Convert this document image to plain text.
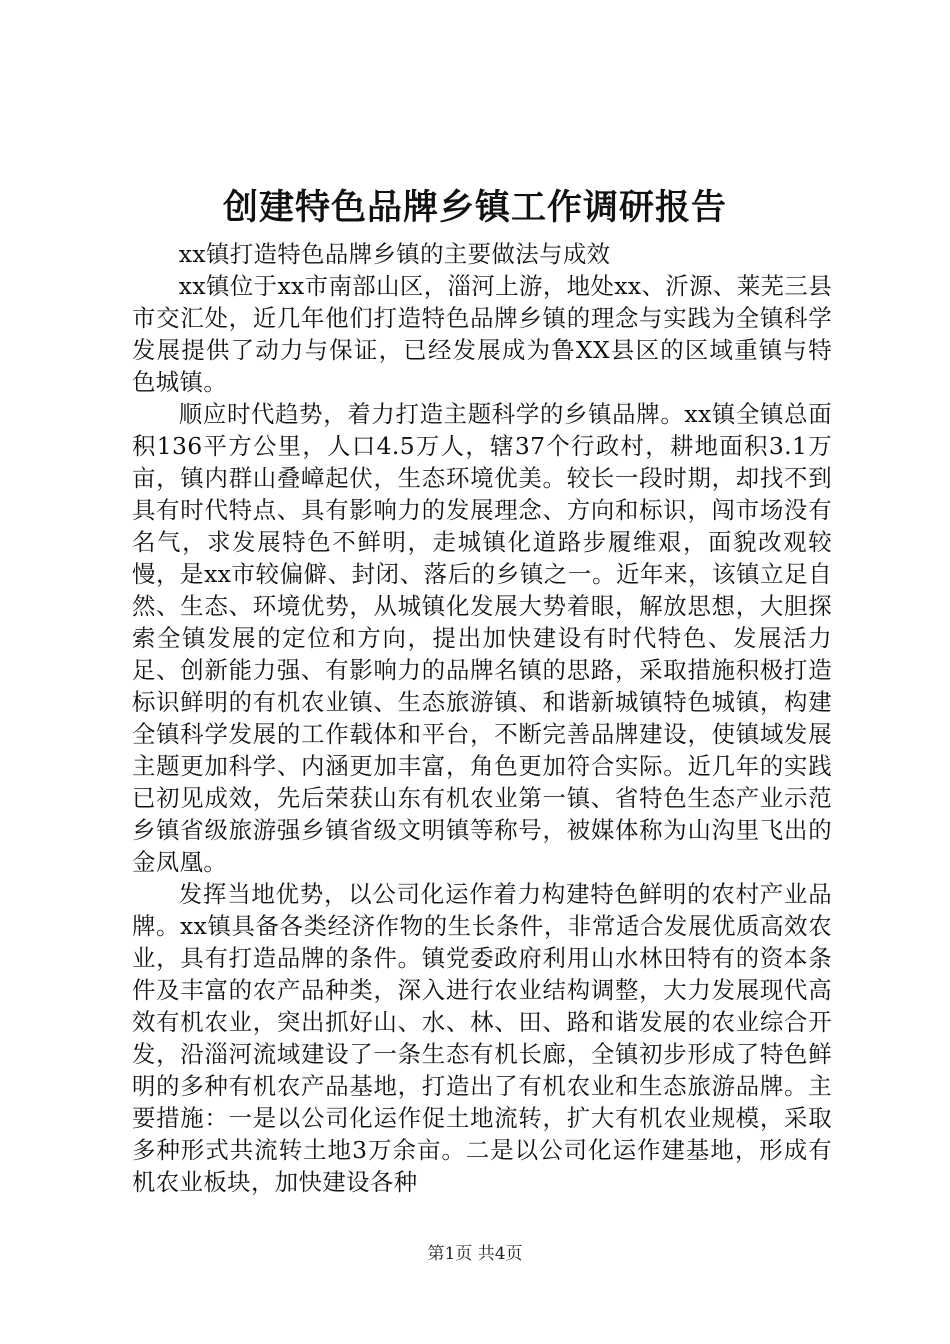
创建特色品牌乡镇工作调研报告

xx镇打造特色品牌乡镇的主要做法与成效

xx镇位于xx市南部山区，淄河上游，地处xx、沂源、莱芜三县市交汇处，近几年他们打造特色品牌乡镇的理念与实践为全镇科学发展提供了动力与保证，已经发展成为鲁XX县区的区域重镇与特色城镇。

顺应时代趋势，着力打造主题科学的乡镇品牌。xx镇全镇总面积136平方公里，人口4.5万人，辖37个行政村，耕地面积3.1万亩，镇内群山叠嶂起伏，生态环境优美。较长一段时期，却找不到具有时代特点、具有影响力的发展理念、方向和标识，闯市场没有名气，求发展特色不鲜明，走城镇化道路步履维艰，面貌改观较慢，是xx市较偏僻、封闭、落后的乡镇之一。近年来，该镇立足自然、生态、环境优势，从城镇化发展大势着眼，解放思想，大胆探索全镇发展的定位和方向，提出加快建设有时代特色、发展活力足、创新能力强、有影响力的品牌名镇的思路，采取措施积极打造标识鲜明的有机农业镇、生态旅游镇、和谐新城镇特色城镇，构建全镇科学发展的工作载体和平台，不断完善品牌建设，使镇域发展主题更加科学、内涵更加丰富，角色更加符合实际。近几年的实践已初见成效，先后荣获山东有机农业第一镇、省特色生态产业示范乡镇省级旅游强乡镇省级文明镇等称号，被媒体称为山沟里飞出的金凤凰。

发挥当地优势，以公司化运作着力构建特色鲜明的农村产业品牌。xx镇具备各类经济作物的生长条件，非常适合发展优质高效农业，具有打造品牌的条件。镇党委政府利用山水林田特有的资本条件及丰富的农产品种类，深入进行农业结构调整，大力发展现代高效有机农业，突出抓好山、水、林、田、路和谐发展的农业综合开发，沿淄河流域建设了一条生态有机长廊，全镇初步形成了特色鲜明的多种有机农产品基地，打造出了有机农业和生态旅游品牌。主要措施：一是以公司化运作促土地流转，扩大有机农业规模，采取多种形式共流转土地3万余亩。二是以公司化运作建基地，形成有机农业板块，加快建设各种

第1页 共4页
